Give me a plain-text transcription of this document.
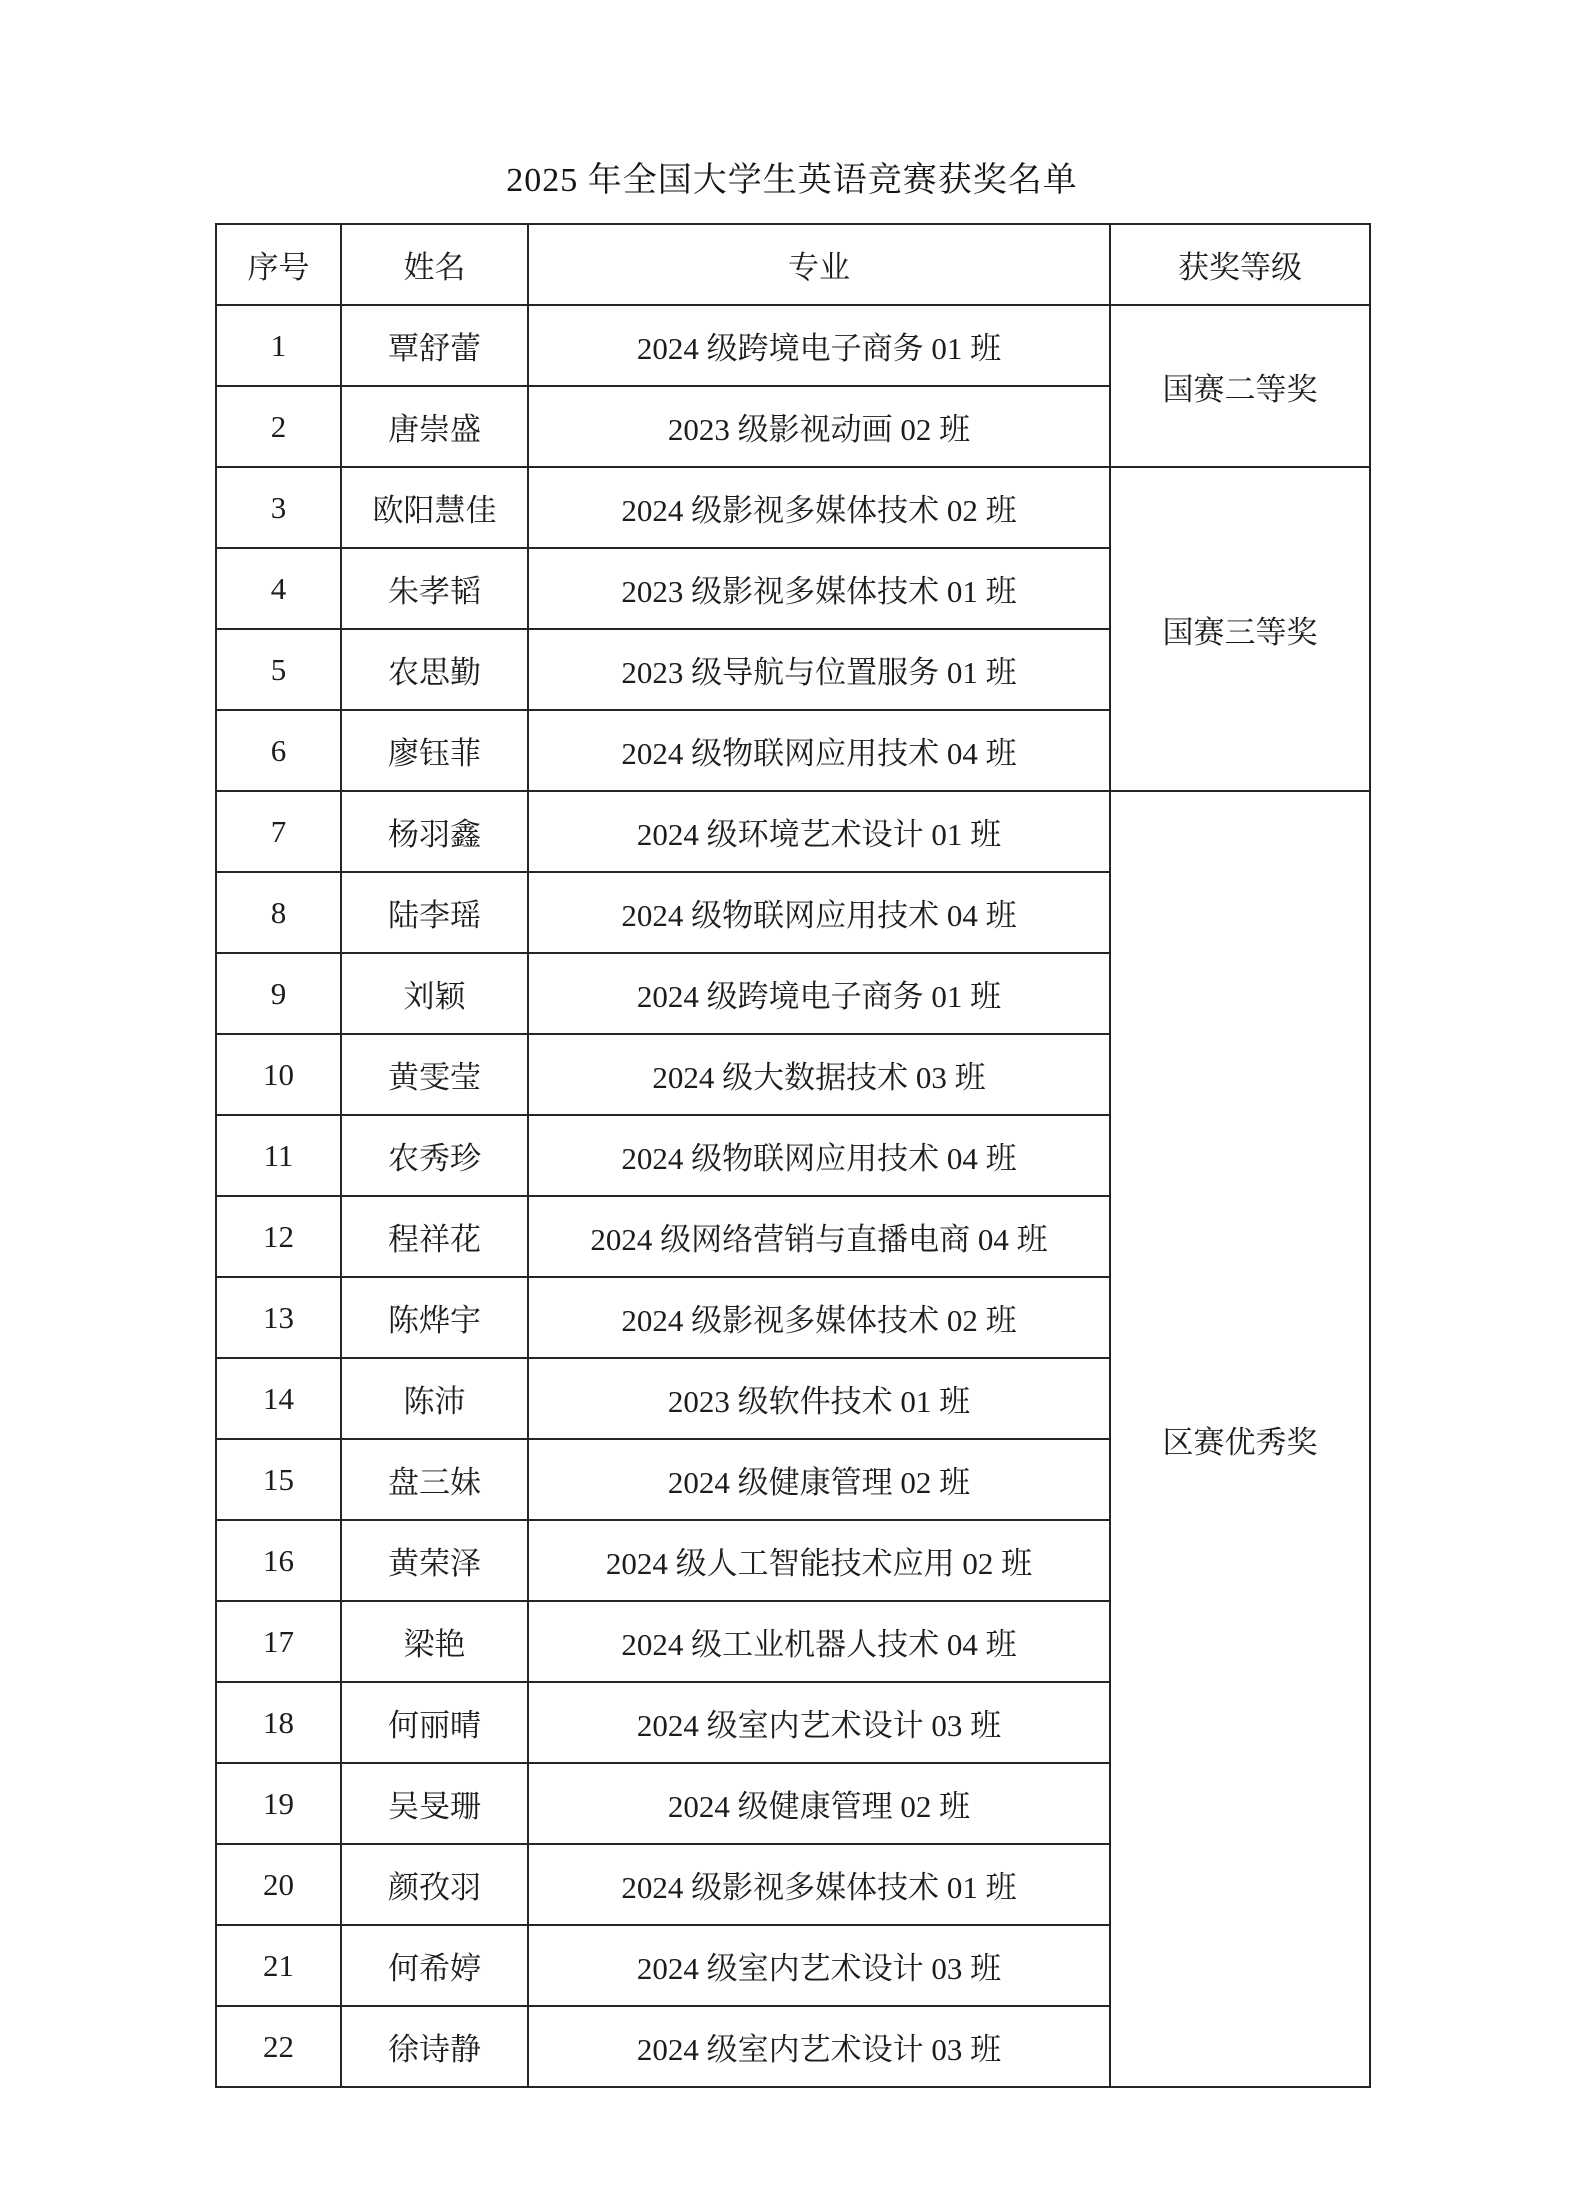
2025 年全国大学生英语竞赛获奖名单
序号	姓名	专业	获奖等级
1	覃舒蕾	2024 级跨境电子商务 01 班	国赛二等奖
2	唐崇盛	2023 级影视动画 02 班	
3	欧阳慧佳	2024 级影视多媒体技术 02 班	国赛三等奖
4	朱孝韬	2023 级影视多媒体技术 01 班	
5	农思勤	2023 级导航与位置服务 01 班	
6	廖钰菲	2024 级物联网应用技术 04 班	
7	杨羽鑫	2024 级环境艺术设计 01 班	区赛优秀奖
8	陆李瑶	2024 级物联网应用技术 04 班	
9	刘颖	2024 级跨境电子商务 01 班	
10	黄雯莹	2024 级大数据技术 03 班	
11	农秀珍	2024 级物联网应用技术 04 班	
12	程祥花	2024 级网络营销与直播电商 04 班	
13	陈烨宇	2024 级影视多媒体技术 02 班	
14	陈沛	2023 级软件技术 01 班	
15	盘三妹	2024 级健康管理 02 班	
16	黄荣泽	2024 级人工智能技术应用 02 班	
17	梁艳	2024 级工业机器人技术 04 班	
18	何丽晴	2024 级室内艺术设计 03 班	
19	吴旻珊	2024 级健康管理 02 班	
20	颜孜羽	2024 级影视多媒体技术 01 班	
21	何希婷	2024 级室内艺术设计 03 班	
22	徐诗静	2024 级室内艺术设计 03 班	
